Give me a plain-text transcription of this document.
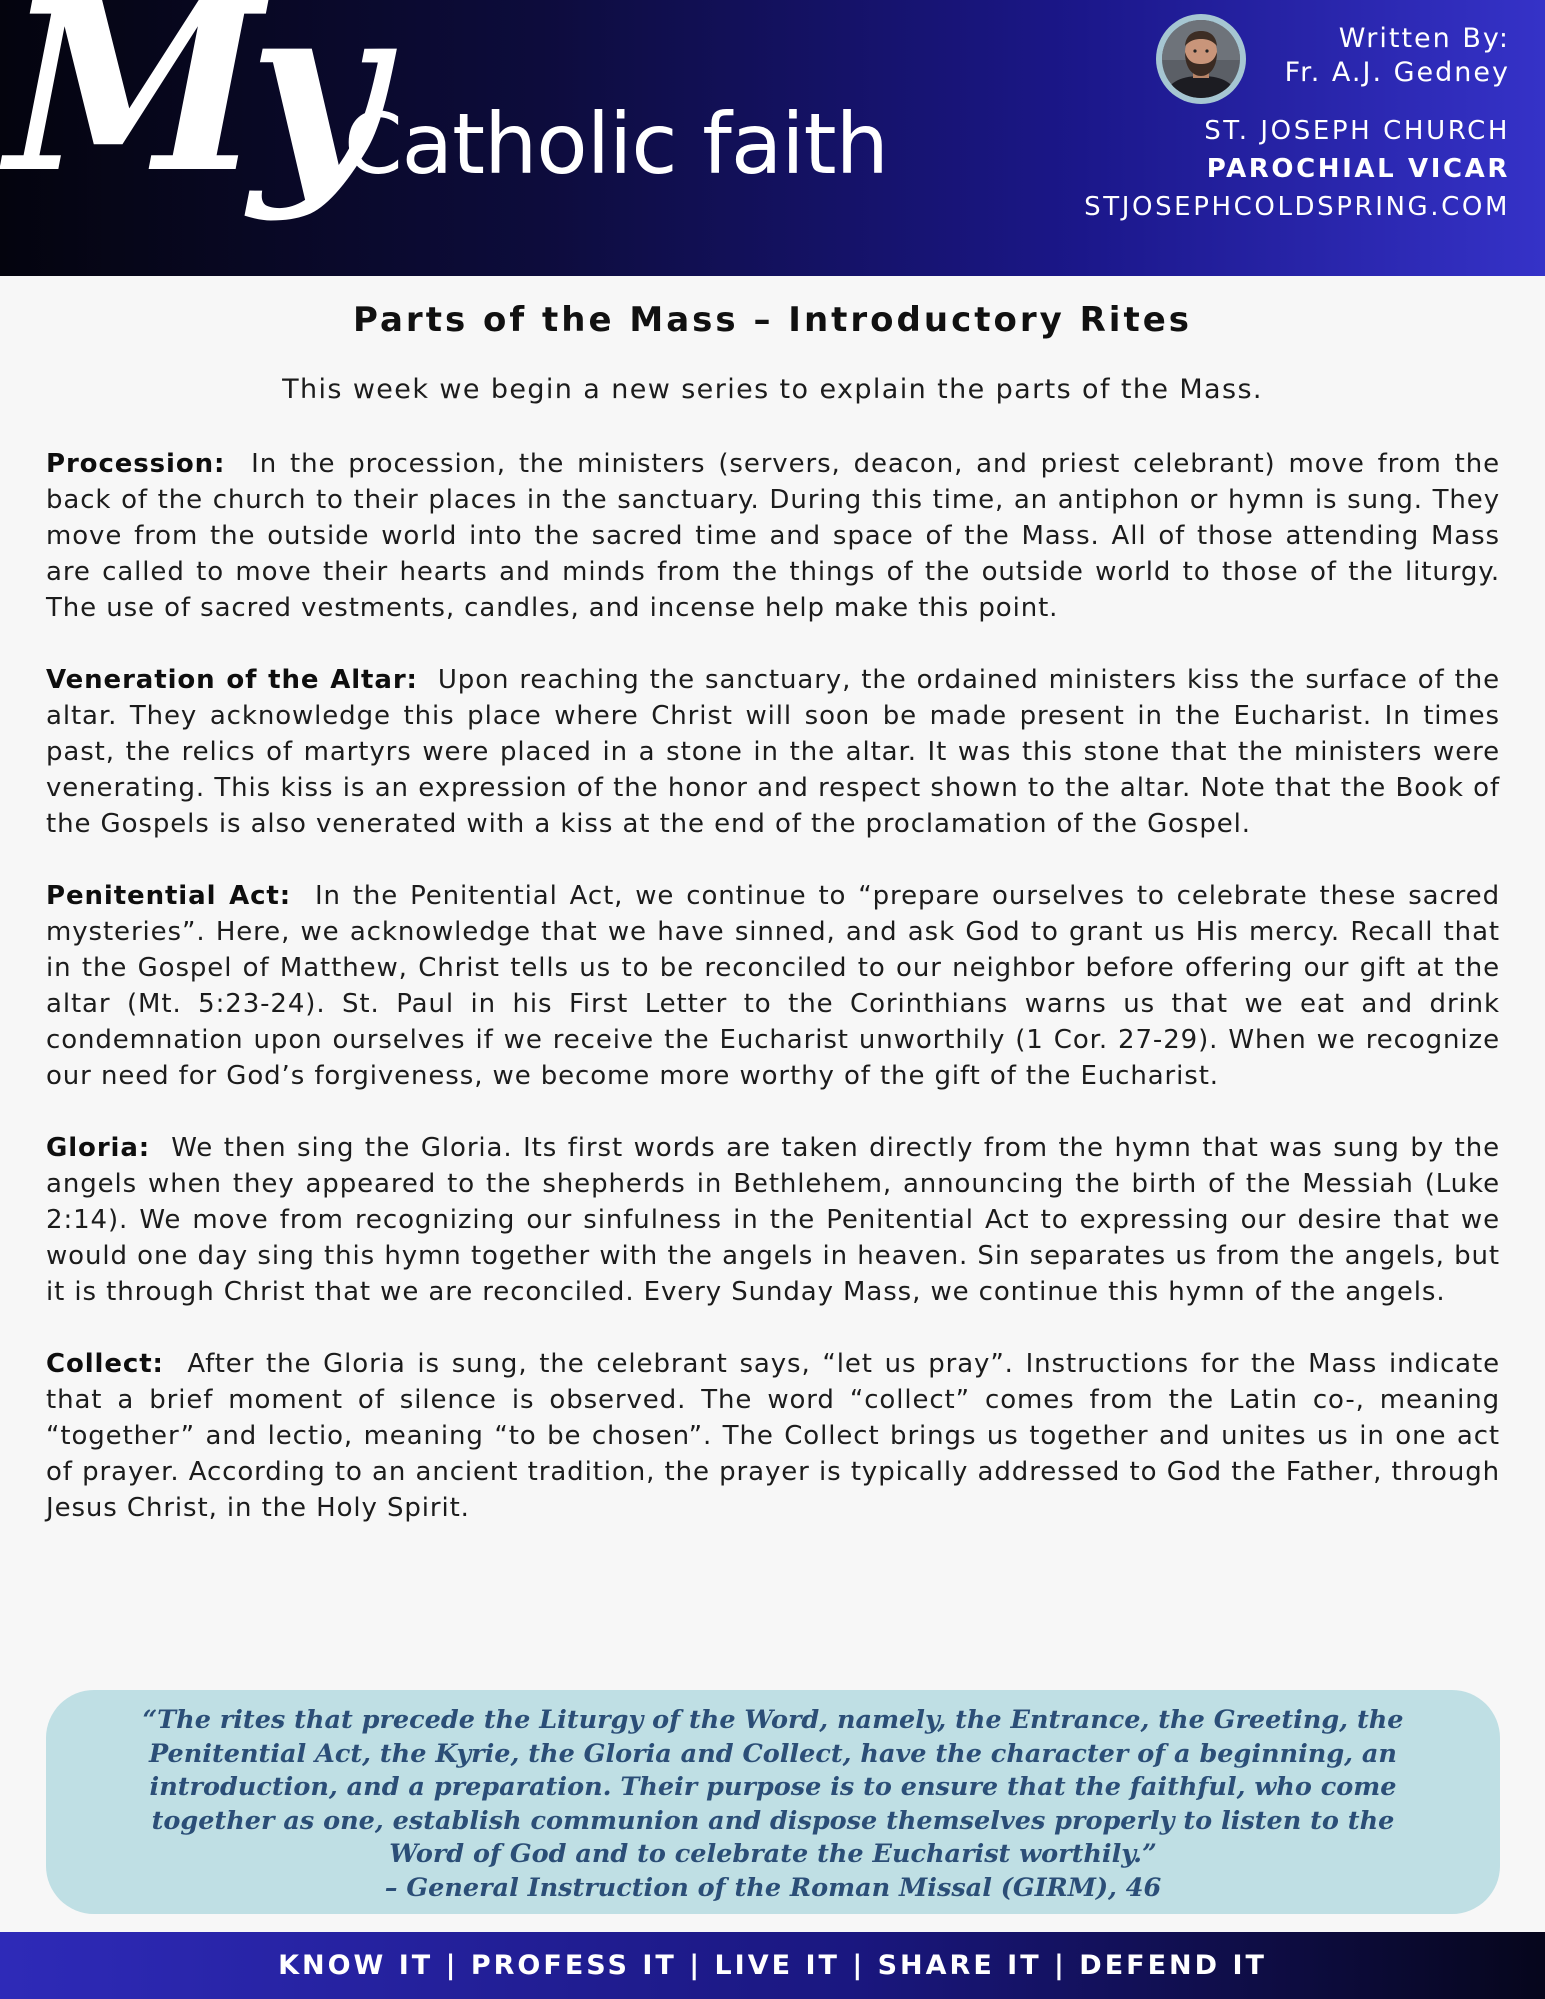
My
Catholic faith
Written By:
Fr. A.J. Gedney
ST. JOSEPH CHURCH
PAROCHIAL VICAR
STJOSEPHCOLDSPRING.COM
Parts of the Mass – Introductory Rites
This week we begin a new series to explain the parts of the Mass.

Procession: In the procession, the ministers (servers, deacon, and priest celebrant) move from the back of the church to their places in the sanctuary. During this time, an antiphon or hymn is sung. They move from the outside world into the sacred time and space of the Mass. All of those attending Mass are called to move their hearts and minds from the things of the outside world to those of the liturgy. The use of sacred vestments, candles, and incense help make this point.

Veneration of the Altar: Upon reaching the sanctuary, the ordained ministers kiss the surface of the altar. They acknowledge this place where Christ will soon be made present in the Eucharist. In times past, the relics of martyrs were placed in a stone in the altar. It was this stone that the ministers were venerating. This kiss is an expression of the honor and respect shown to the altar. Note that the Book of the Gospels is also venerated with a kiss at the end of the proclamation of the Gospel.

Penitential Act: In the Penitential Act, we continue to “prepare ourselves to celebrate these sacred mysteries”. Here, we acknowledge that we have sinned, and ask God to grant us His mercy. Recall that in the Gospel of Matthew, Christ tells us to be reconciled to our neighbor before offering our gift at the altar (Mt. 5:23-24). St. Paul in his First Letter to the Corinthians warns us that we eat and drink condemnation upon ourselves if we receive the Eucharist unworthily (1 Cor. 27-29). When we recognize our need for God’s forgiveness, we become more worthy of the gift of the Eucharist.

Gloria: We then sing the Gloria. Its first words are taken directly from the hymn that was sung by the angels when they appeared to the shepherds in Bethlehem, announcing the birth of the Messiah (Luke 2:14). We move from recognizing our sinfulness in the Penitential Act to expressing our desire that we would one day sing this hymn together with the angels in heaven. Sin separates us from the angels, but it is through Christ that we are reconciled. Every Sunday Mass, we continue this hymn of the angels.

Collect: After the Gloria is sung, the celebrant says, “let us pray”. Instructions for the Mass indicate that a brief moment of silence is observed. The word “collect” comes from the Latin co-, meaning “together” and lectio, meaning “to be chosen”. The Collect brings us together and unites us in one act of prayer. According to an ancient tradition, the prayer is typically addressed to God the Father, through Jesus Christ, in the Holy Spirit.

“The rites that precede the Liturgy of the Word, namely, the Entrance, the Greeting, the Penitential Act, the Kyrie, the Gloria and Collect, have the character of a beginning, an introduction, and a preparation. Their purpose is to ensure that the faithful, who come together as one, establish communion and dispose themselves properly to listen to the Word of God and to celebrate the Eucharist worthily.”

– General Instruction of the Roman Missal (GIRM), 46

KNOW IT | PROFESS IT | LIVE IT | SHARE IT | DEFEND IT
